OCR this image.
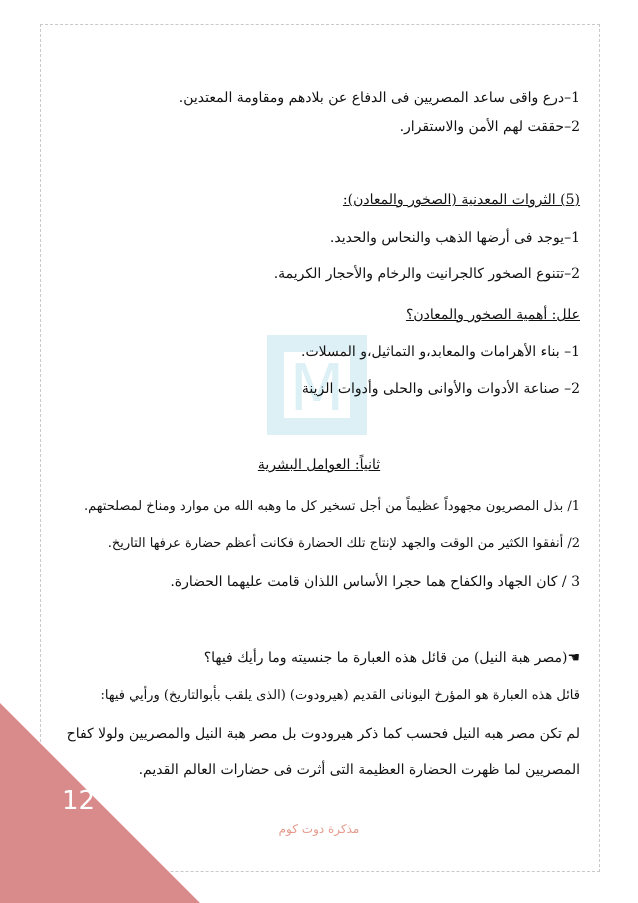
M
1–درع واقى ساعد المصريين فى الدفاع عن بلادهم ومقاومة المعتدين.
2–حققت لهم الأمن والاستقرار.
(5) الثروات المعدنية (الصخور والمعادن):
1–يوجد فى أرضها الذهب والنحاس والحديد.
2–تتنوع الصخور كالجرانيت والرخام والأحجار الكريمة.
علل: أهمية الصخور والمعادن؟
1– بناء الأهرامات والمعابد،و التماثيل،و المسلات.
2– صناعة الأدوات والأوانى والحلى وأدوات الزينة
ثانياً: العوامل البشرية
1/ بذل المصريون مجهوداً عظيماً من أجل تسخير كل ما وهبه الله من موارد ومناخ لمصلحتهم.
2/ أنفقوا الكثير من الوقت والجهد لإنتاج تلك الحضارة فكانت أعظم حضارة عرفها التاريخ.
3 / كان الجهاد والكفاح هما حجرا الأساس اللذان قامت عليهما الحضارة.
☚(مصر هبة النيل) من قائل هذه العبارة ما جنسيته وما رأيك فيها؟
قائل هذه العبارة هو المؤرخ اليونانى القديم (هيرودوت) (الذى يلقب بأبوالتاريخ) ورأيي فيها:
لم تكن مصر هبه النيل فحسب كما ذكر هيرودوت بل مصر هبة النيل والمصريين ولولا كفاح
المصريين لما ظهرت الحضارة العظيمة التى أثرت فى حضارات العالم القديم.
12
مذكرة دوت كوم
